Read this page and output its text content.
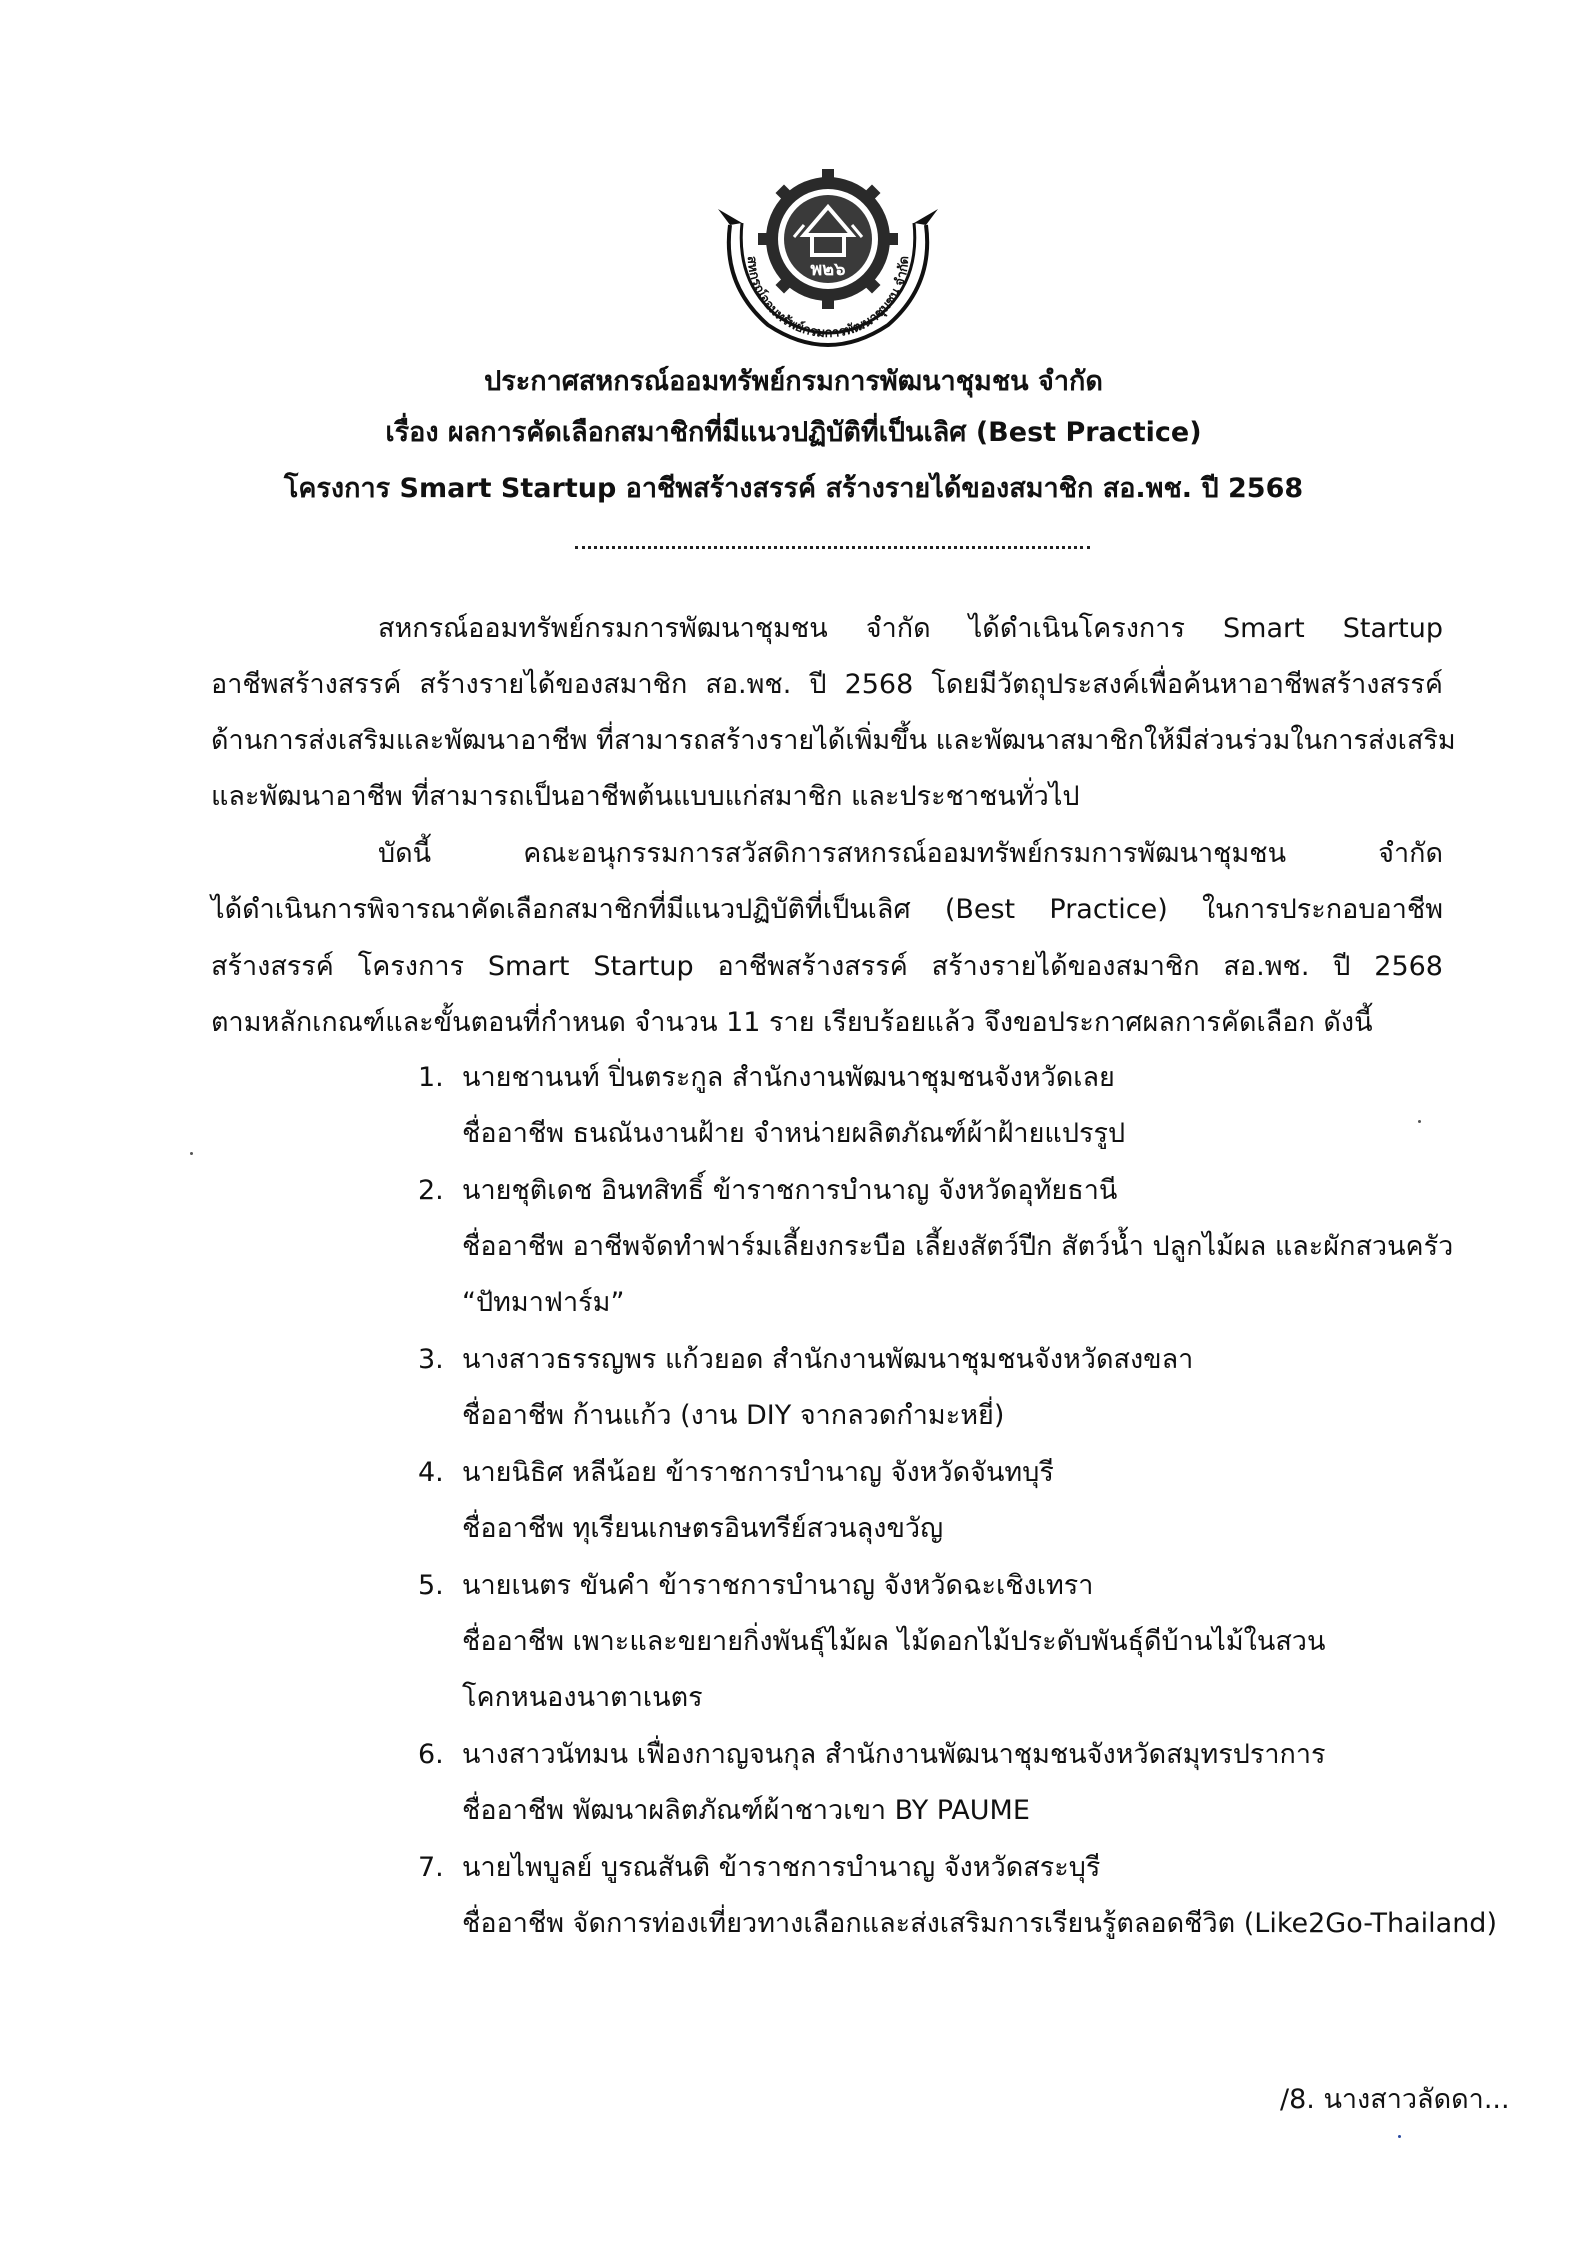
สหกรณ์ออมทรัพย์กรมการพัฒนาชุมชน จำกัด
พ๒๖
ประกาศสหกรณ์ออมทรัพย์กรมการพัฒนาชุมชน จำกัด
เรื่อง ผลการคัดเลือกสมาชิกที่มีแนวปฏิบัติที่เป็นเลิศ (Best Practice)
โครงการ Smart Startup อาชีพสร้างสรรค์ สร้างรายได้ของสมาชิก สอ.พช. ปี 2568
สหกรณ์ออมทรัพย์กรมการพัฒนาชุมชน จำกัด ได้ดำเนินโครงการ Smart Startup
อาชีพสร้างสรรค์ สร้างรายได้ของสมาชิก สอ.พช. ปี 2568 โดยมีวัตถุประสงค์เพื่อค้นหาอาชีพสร้างสรรค์
ด้านการส่งเสริมและพัฒนาอาชีพ ที่สามารถสร้างรายได้เพิ่มขึ้น และพัฒนาสมาชิกให้มีส่วนร่วมในการส่งเสริม
และพัฒนาอาชีพ ที่สามารถเป็นอาชีพต้นแบบแก่สมาชิก และประชาชนทั่วไป
บัดนี้ คณะอนุกรรมการสวัสดิการสหกรณ์ออมทรัพย์กรมการพัฒนาชุมชน จำกัด
ได้ดำเนินการพิจารณาคัดเลือกสมาชิกที่มีแนวปฏิบัติที่เป็นเลิศ (Best Practice) ในการประกอบอาชีพ
สร้างสรรค์ โครงการ Smart Startup อาชีพสร้างสรรค์ สร้างรายได้ของสมาชิก สอ.พช. ปี 2568
ตามหลักเกณฑ์และขั้นตอนที่กำหนด จำนวน 11 ราย เรียบร้อยแล้ว จึงขอประกาศผลการคัดเลือก ดังนี้
1. นายชานนท์ ปิ่นตระกูล สำนักงานพัฒนาชุมชนจังหวัดเลย
ชื่ออาชีพ ธนณันงานฝ้าย จำหน่ายผลิตภัณฑ์ผ้าฝ้ายแปรรูป
2. นายชุติเดช อินทสิทธิ์ ข้าราชการบำนาญ จังหวัดอุทัยธานี
ชื่ออาชีพ อาชีพจัดทำฟาร์มเลี้ยงกระบือ เลี้ยงสัตว์ปีก สัตว์น้ำ ปลูกไม้ผล และผักสวนครัว
“ปัทมาฟาร์ม”
3. นางสาวธรรญพร แก้วยอด สำนักงานพัฒนาชุมชนจังหวัดสงขลา
ชื่ออาชีพ ก้านแก้ว (งาน DIY จากลวดกำมะหยี่)
4. นายนิธิศ หลีน้อย ข้าราชการบำนาญ จังหวัดจันทบุรี
ชื่ออาชีพ ทุเรียนเกษตรอินทรีย์สวนลุงขวัญ
5. นายเนตร ขันคำ ข้าราชการบำนาญ จังหวัดฉะเชิงเทรา
ชื่ออาชีพ เพาะและขยายกิ่งพันธุ์ไม้ผล ไม้ดอกไม้ประดับพันธุ์ดีบ้านไม้ในสวน
โคกหนองนาตาเนตร
6. นางสาวนัทมน เฟื่องกาญจนกุล สำนักงานพัฒนาชุมชนจังหวัดสมุทรปราการ
ชื่ออาชีพ พัฒนาผลิตภัณฑ์ผ้าชาวเขา BY PAUME
7. นายไพบูลย์ บูรณสันติ ข้าราชการบำนาญ จังหวัดสระบุรี
ชื่ออาชีพ จัดการท่องเที่ยวทางเลือกและส่งเสริมการเรียนรู้ตลอดชีวิต (Like2Go-Thailand)
/8. นางสาวลัดดา...
